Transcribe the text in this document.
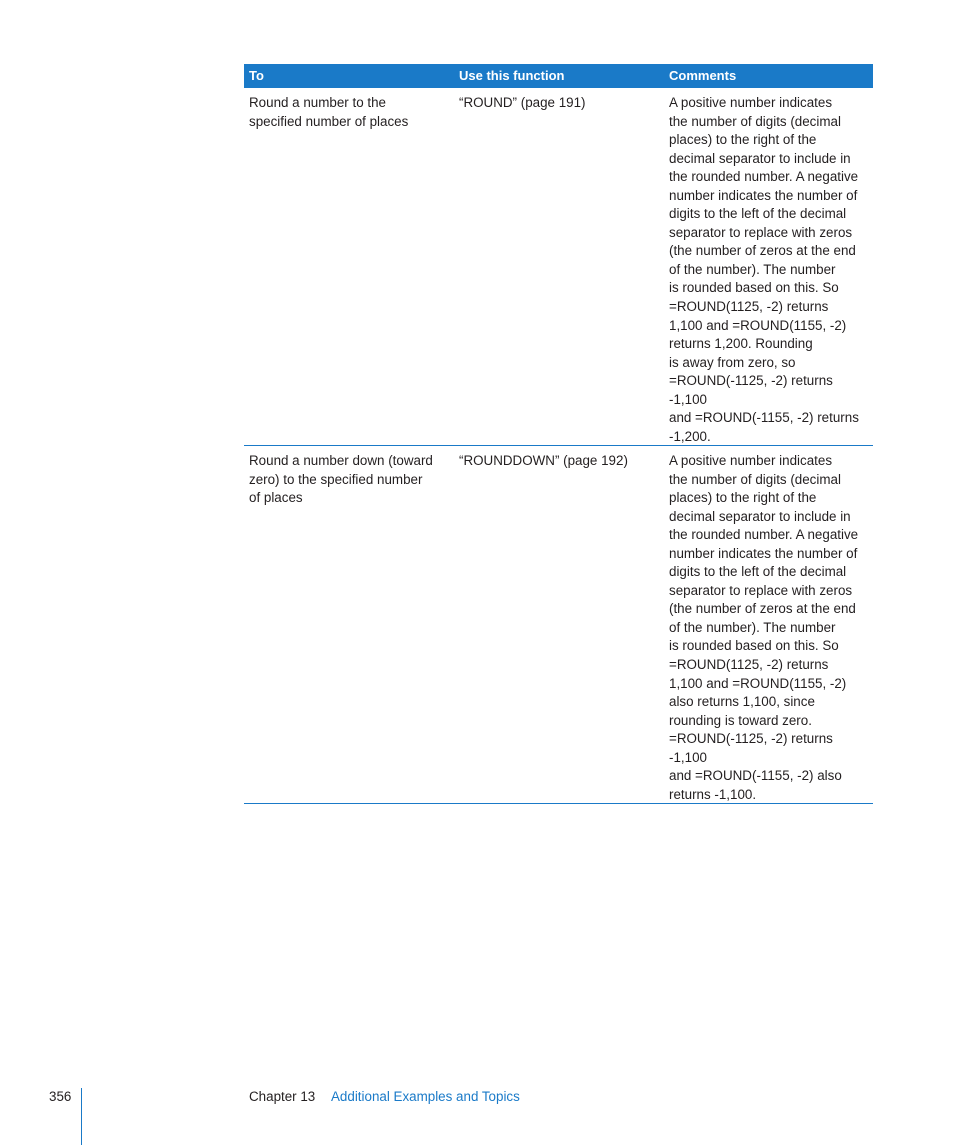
To	Use this function	Comments
Round a number to the
specified number of places
“ROUND” (page 191)	A positive number indicates
the number of digits (decimal
places) to the right of the
decimal separator to include in
the rounded number. A negative
number indicates the number of
digits to the left of the decimal
separator to replace with zeros
(the number of zeros at the end
of the number). The number
is rounded based on this. So
=ROUND(1125, -2) returns
1,100 and =ROUND(1155, -2)
returns 1,200. Rounding
is away from zero, so
=ROUND(-1125, -2) returns -1,100
and =ROUND(-1155, -2) returns
-1,200.
Round a number down (toward
zero) to the specified number
of places
“ROUNDDOWN” (page 192)	A positive number indicates
the number of digits (decimal
places) to the right of the
decimal separator to include in
the rounded number. A negative
number indicates the number of
digits to the left of the decimal
separator to replace with zeros
(the number of zeros at the end
of the number). The number
is rounded based on this. So
=ROUND(1125, -2) returns
1,100 and =ROUND(1155, -2)
also returns 1,100, since
rounding is toward zero.
=ROUND(-1125, -2) returns -1,100
and =ROUND(-1155, -2) also
returns -1,100.
356	Chapter 13 Additional Examples and Topics
